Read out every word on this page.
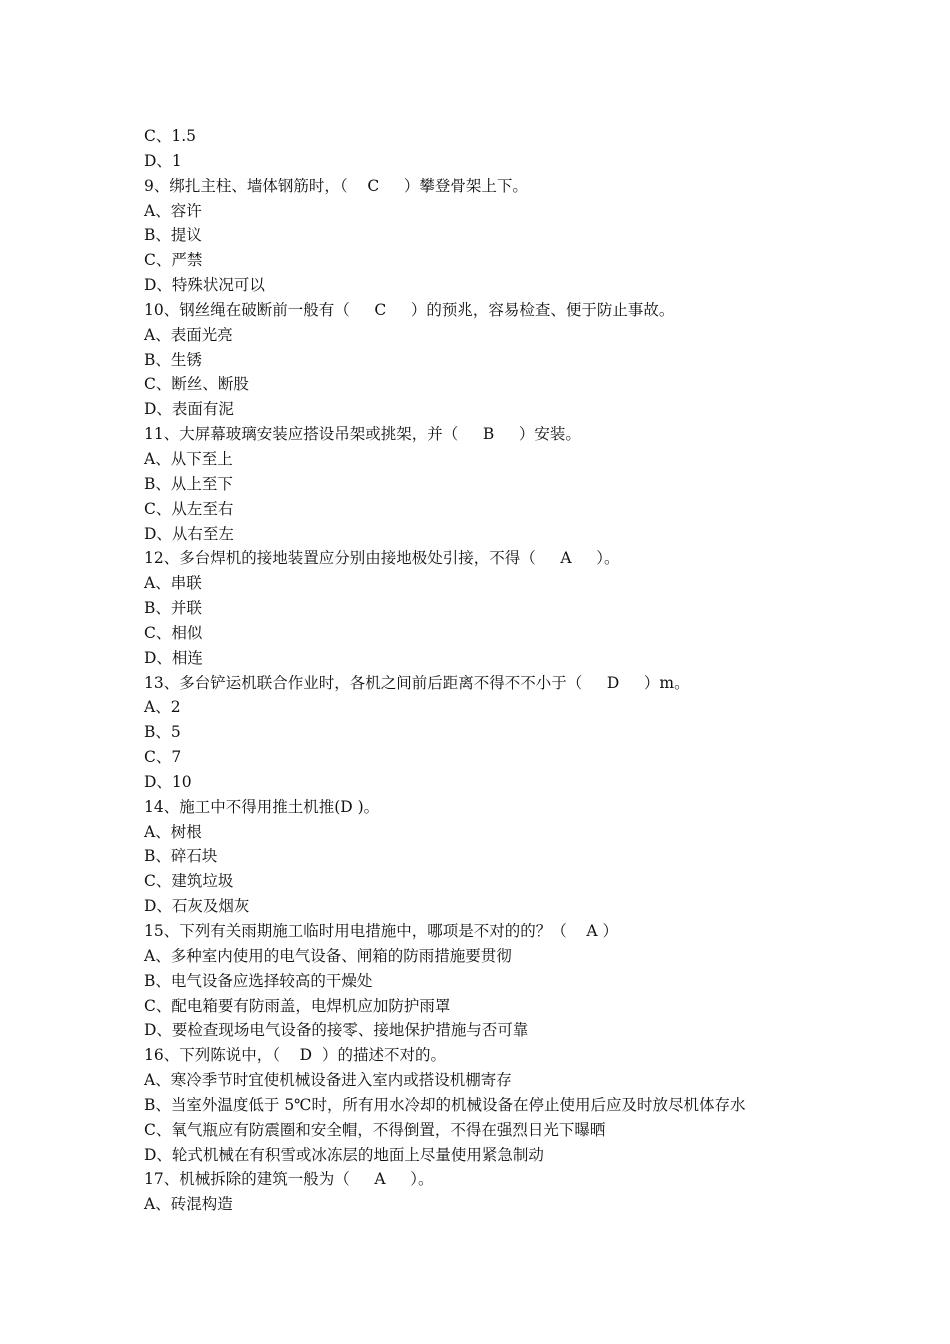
C、1.5
D、1
9、绑扎主柱、墙体钢筋时，（    C     ）攀登骨架上下。
A、容许
B、提议
C、严禁
D、特殊状况可以
10、钢丝绳在破断前一般有（     C     ）的预兆，容易检查、便于防止事故。
A、表面光亮
B、生锈
C、断丝、断股
D、表面有泥
11、大屏幕玻璃安装应搭设吊架或挑架，并（     B     ）安装。
A、从下至上
B、从上至下
C、从左至右
D、从右至左
12、多台焊机的接地装置应分别由接地极处引接，不得（     A     ）。
A、串联
B、并联
C、相似
D、相连
13、多台铲运机联合作业时，各机之间前后距离不得不不小于（     D     ）m。
A、2
B、5
C、7
D、10
14、施工中不得用推土机推(D )。
A、树根
B、碎石块
C、建筑垃圾
D、石灰及烟灰
15、下列有关雨期施工临时用电措施中，哪项是不对的的？（    A ）
A、多种室内使用的电气设备、闸箱的防雨措施要贯彻
B、电气设备应选择较高的干燥处
C、配电箱要有防雨盖，电焊机应加防护雨罩
D、要检查现场电气设备的接零、接地保护措施与否可靠
16、下列陈说中，（    D  ）的描述不对的。
A、寒冷季节时宜使机械设备进入室内或搭设机棚寄存
B、当室外温度低于 5℃时，所有用水冷却的机械设备在停止使用后应及时放尽机体存水
C、氧气瓶应有防震圈和安全帽，不得倒置，不得在强烈日光下曝晒
D、轮式机械在有积雪或冰冻层的地面上尽量使用紧急制动
17、机械拆除的建筑一般为（     A     ）。
A、砖混构造
